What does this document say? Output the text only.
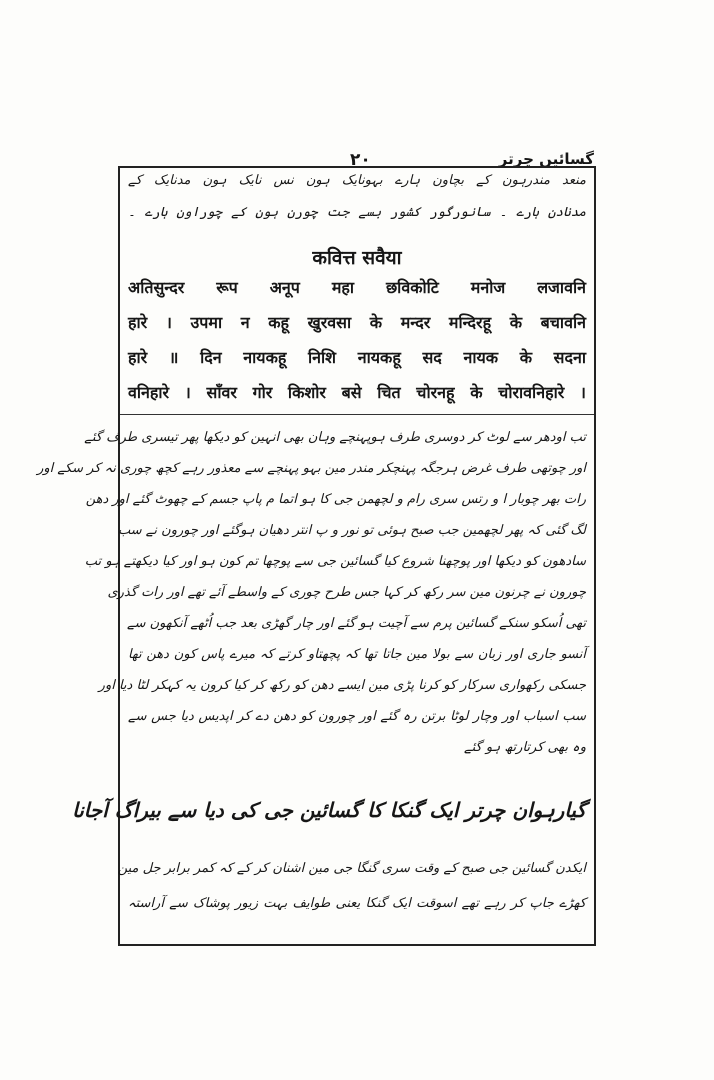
گسائیں چرتر
۲۰
منعد مندرہون کے بچاون ہارے بہونایک ہون نس نایک ہون مدنایک کے
مدنادن ہارے ۔ سانورگور کشور بسے جت چورن ہون کے چوراون ہارے ۔
कवित्त सवैया
अतिसुन्दर रूप अनूप महा छविकोटि मनोज लजावनि
हारे । उपमा न कहू खुरवसा के मन्दर मन्दिरहू के बचावनि
हारे ॥ दिन नायकहू निशि नायकहू सद नायक के सदना
वनिहारे । साँवर गोर किशोर बसे चित चोरनहू के चोरावनिहारे ।
تب اودھر سے لوٹ کر دوسری طرف ہوپہنچے وہان بھی انہین کو دیکھا پھر تیسری طرف گئے
اور چوتھی طرف غرض ہرجگہ پہنچکر مندر مین بہو پہنچے سے معذور رہے کچھ چوری نہ کر سکے اور
رات بھر چوبار ا و رتس سری رام و لچھمن جی کا ہو اتما م پاپ جسم کے چھوٹ گئے اور دھن
لگ گئی کہ پھر لچھمین جب صبح ہوئی تو نور و پ انتر دھیان ہوگئے اور چورون نے سب
سادھون کو دیکھا اور پوچھنا شروع کیا گسائین جی سے پوچھا تم کون ہو اور کیا دیکھتے ہو تب
چورون نے چرنون مین سر رکھ کر کہا جس طرح چوری کے واسطے آئے تھے اور رات گذری
تھی اُسکو سنکے گسائین پرم سے آچیت ہو گئے اور چار گھڑی بعد جب اُٹھے آنکھون سے
آنسو جاری اور زبان سے بولا مین جاتا تھا کہ پچھتاو کرتے کہ میرے پاس کون دھن تھا
جسکی رکھواری سرکار کو کرنا پڑی مین ایسے دھن کو رکھ کر کیا کرون یہ کہکر لٹا دیا اور
سب اسباب اور وچار لوٹا برتن رہ گئے اور چورون کو دھن دے کر اپدیس دیا جس سے
وہ بھی کرتارتھ ہو گئے
گیارہوان چرتر ایک گنکا کا گسائین جی کی دیا سے بیراگ آجانا
ایکدن گسائین جی صبح کے وقت سری گنگا جی مین اشنان کر کے کہ کمر برابر جل مین
کھڑے جاپ کر رہے تھے اسوقت ایک گنکا یعنی طوایف بہت زیور پوشاک سے آراستہ
